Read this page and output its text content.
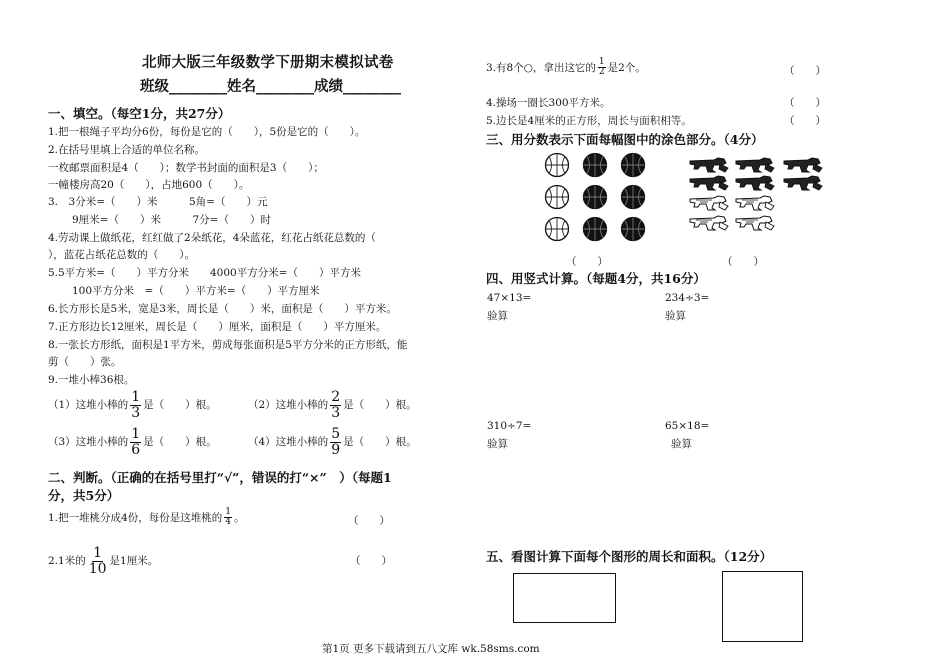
北师大版三年级数学下册期末模拟试卷
班级________姓名________成绩________
一、填空。（每空1分，共27分）
1.把一根绳子平均分6份，每份是它的（　　），5份是它的（　　）。
2.在括号里填上合适的单位名称。
一枚邮票面积是4（　　）；数学书封面的面积是3（　　）；
一幢楼房高20（　　），占地600（　　）。
3.　3分米=（　　）米　　　5角=（　　）元
9厘米=（　　）米　　　7分=（　　）时
4.劳动课上做纸花，红红做了2朵纸花，4朵蓝花，红花占纸花总数的（　
），蓝花占纸花总数的（　　）。
5.5平方米=（　　）平方分米　　4000平方分米=（　　）平方米
100平方分米　=（　　）平方米=（　　）平方厘米
6.长方形长是5米，宽是3米，周长是（　　）米，面积是（　　）平方米。
7.正方形边长12厘米，周长是（　　）厘米，面积是（　　）平方厘米。
8.一张长方形纸，面积是1平方米，剪成每张面积是5平方分米的正方形纸，能
剪（　　）张。
9.一堆小棒36根。
（1）这堆小棒的 $\frac{1}{3}$ 是（　　）根。	（2）这堆小棒的 $\frac{2}{3}$ 是（　　）根。
（3）这堆小棒的 $\frac{1}{6}$ 是（　　）根。	（4）这堆小棒的 $\frac{5}{9}$ 是（　　）根。
二、判断。（正确的在括号里打“√”，错误的打“×”　）（每题1
分，共5分）
1.把一堆桃分成4份，每份是这堆桃的 $\frac{1}{4}$ 。	（　　）
2.1米的 $\frac{1}{10}$ 是1厘米。	（　　）
3.有8个○，拿出这它的 $\frac{1}{2}$ 是2个。	（　　）
4.操场一圈长300平方米。	（　　）
5.边长是4厘米的正方形，周长与面积相等。	（　　）
三、用分数表示下面每幅图中的涂色部分。（4分）
（　　）	（　　）
四、用竖式计算。（每题4分，共16分）
47×13=	234÷3=
验算	验算
310÷7=	65×18=
验算	验算
五、看图计算下面每个图形的周长和面积。（12分）
第1页 更多下载请到五八文库 wk.58sms.com
